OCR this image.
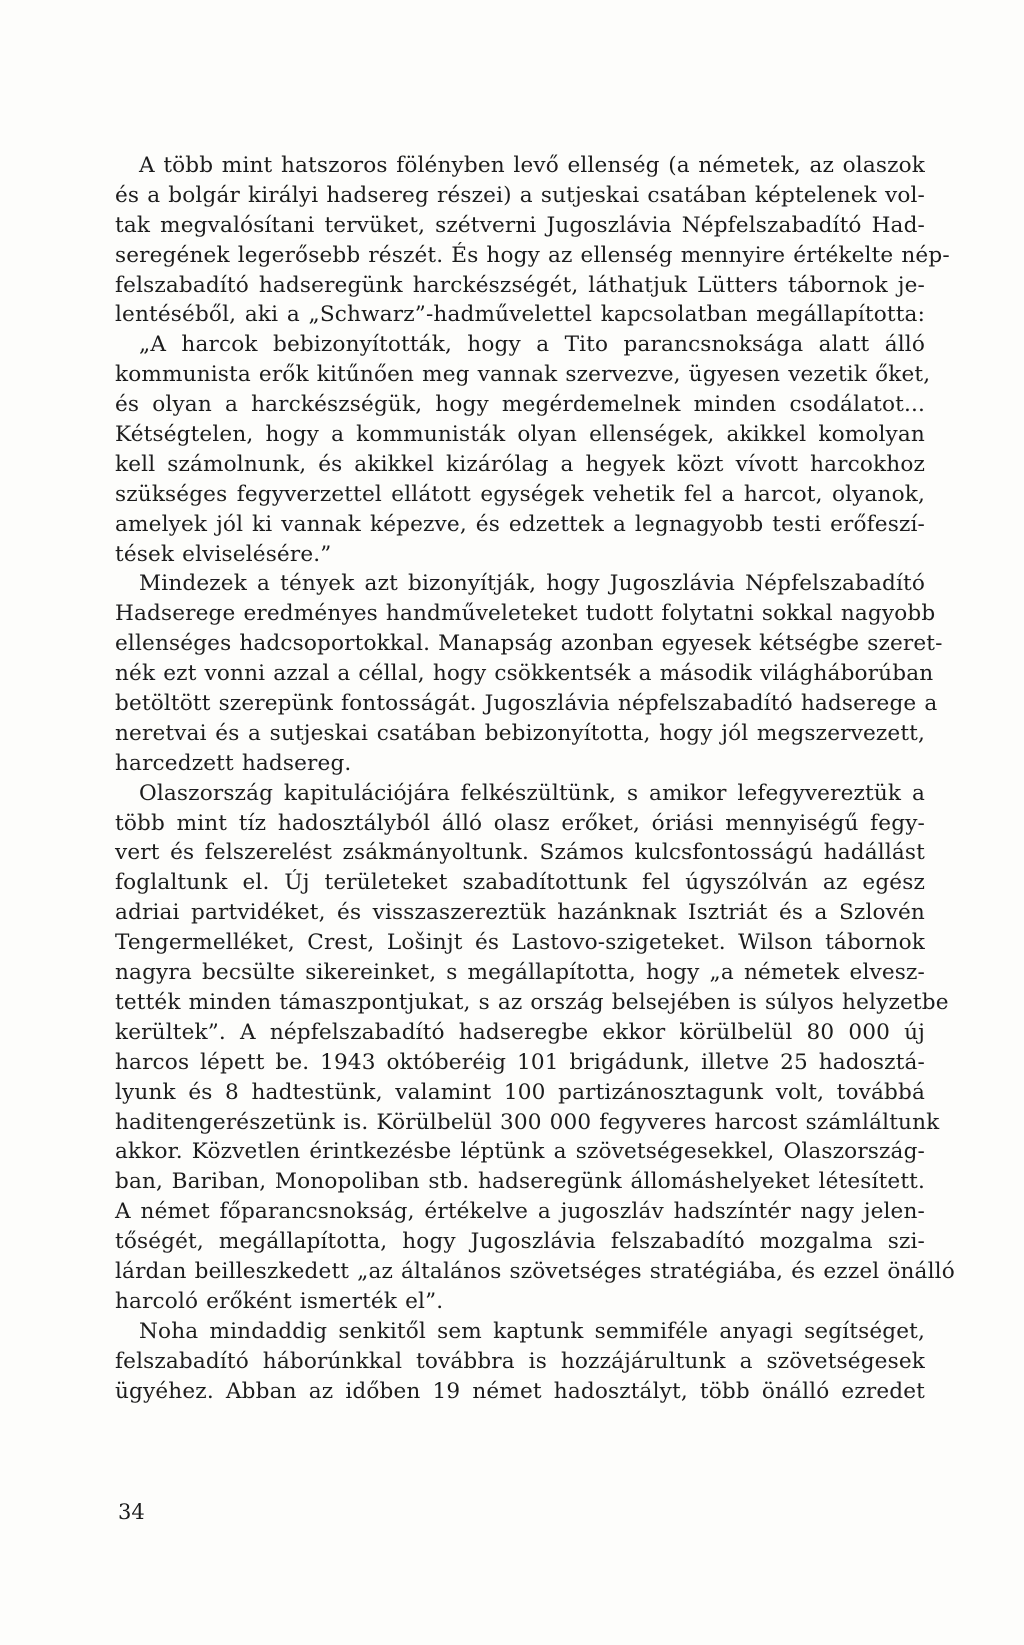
A több mint hatszoros fölényben levő ellenség (a németek, az olaszok
és a bolgár királyi hadsereg részei) a sutjeskai csatában képtelenek vol-
tak megvalósítani tervüket, szétverni Jugoszlávia Népfelszabadító Had-
seregének legerősebb részét. És hogy az ellenség mennyire értékelte nép-
felszabadító hadseregünk harckészségét, láthatjuk Lütters tábornok je-
lentéséből, aki a „Schwarz”-hadművelettel kapcsolatban megállapította:
„A harcok bebizonyították, hogy a Tito parancsnoksága alatt álló
kommunista erők kitűnően meg vannak szervezve, ügyesen vezetik őket,
és olyan a harckészségük, hogy megérdemelnek minden csodálatot...
Kétségtelen, hogy a kommunisták olyan ellenségek, akikkel komolyan
kell számolnunk, és akikkel kizárólag a hegyek közt vívott harcokhoz
szükséges fegyverzettel ellátott egységek vehetik fel a harcot, olyanok,
amelyek jól ki vannak képezve, és edzettek a legnagyobb testi erőfeszí-
tések elviselésére.”
Mindezek a tények azt bizonyítják, hogy Jugoszlávia Népfelszabadító
Hadserege eredményes handműveleteket tudott folytatni sokkal nagyobb
ellenséges hadcsoportokkal. Manapság azonban egyesek kétségbe szeret-
nék ezt vonni azzal a céllal, hogy csökkentsék a második világháborúban
betöltött szerepünk fontosságát. Jugoszlávia népfelszabadító hadserege a
neretvai és a sutjeskai csatában bebizonyította, hogy jól megszervezett,
harcedzett hadsereg.
Olaszország kapitulációjára felkészültünk, s amikor lefegyvereztük a
több mint tíz hadosztályból álló olasz erőket, óriási mennyiségű fegy-
vert és felszerelést zsákmányoltunk. Számos kulcsfontosságú hadállást
foglaltunk el. Új területeket szabadítottunk fel úgyszólván az egész
adriai partvidéket, és visszaszereztük hazánknak Isztriát és a Szlovén
Tengermelléket, Crest, Lošinjt és Lastovo-szigeteket. Wilson tábornok
nagyra becsülte sikereinket, s megállapította, hogy „a németek elvesz-
tették minden támaszpontjukat, s az ország belsejében is súlyos helyzetbe
kerültek”. A népfelszabadító hadseregbe ekkor körülbelül 80 000 új
harcos lépett be. 1943 októberéig 101 brigádunk, illetve 25 hadosztá-
lyunk és 8 hadtestünk, valamint 100 partizánosztagunk volt, továbbá
haditengerészetünk is. Körülbelül 300 000 fegyveres harcost számláltunk
akkor. Közvetlen érintkezésbe léptünk a szövetségesekkel, Olaszország-
ban, Bariban, Monopoliban stb. hadseregünk állomáshelyeket létesített.
A német főparancsnokság, értékelve a jugoszláv hadszíntér nagy jelen-
tőségét, megállapította, hogy Jugoszlávia felszabadító mozgalma szi-
lárdan beilleszkedett „az általános szövetséges stratégiába, és ezzel önálló
harcoló erőként ismerték el”.
Noha mindaddig senkitől sem kaptunk semmiféle anyagi segítséget,
felszabadító háborúnkkal továbbra is hozzájárultunk a szövetségesek
ügyéhez. Abban az időben 19 német hadosztályt, több önálló ezredet
34
